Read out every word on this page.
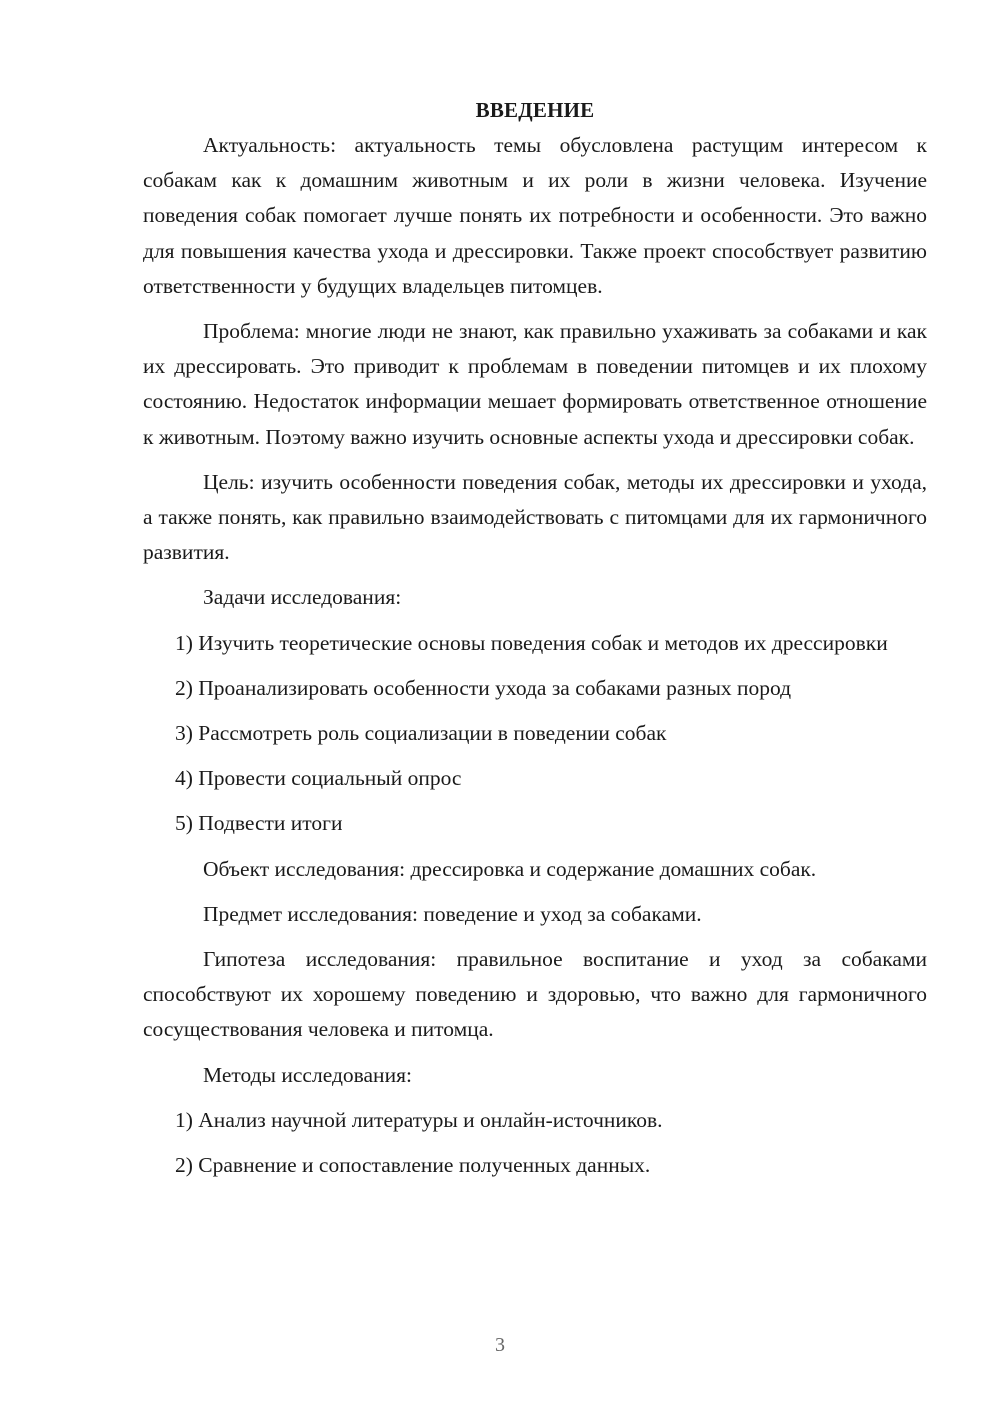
ВВЕДЕНИЕ

Актуальность: актуальность темы обусловлена растущим интересом к собакам как к домашним животным и их роли в жизни человека. Изучение поведения собак помогает лучше понять их потребности и особенности. Это важно для повышения качества ухода и дрессировки. Также проект способствует развитию ответственности у будущих владельцев питомцев.

Проблема: многие люди не знают, как правильно ухаживать за собаками и как их дрессировать. Это приводит к проблемам в поведении питомцев и их плохому состоянию. Недостаток информации мешает формировать ответственное отношение к животным. Поэтому важно изучить основные аспекты ухода и дрессировки собак.

Цель: изучить особенности поведения собак, методы их дрессировки и ухода, а также понять, как правильно взаимодействовать с питомцами для их гармоничного развития.

Задачи исследования:

1) Изучить теоретические основы поведения собак и методов их дрессировки

2) Проанализировать особенности ухода за собаками разных пород

3) Рассмотреть роль социализации в поведении собак

4) Провести социальный опрос

5) Подвести итоги

Объект исследования: дрессировка и содержание домашних собак.

Предмет исследования: поведение и уход за собаками.

Гипотеза исследования: правильное воспитание и уход за собаками способствуют их хорошему поведению и здоровью, что важно для гармоничного сосуществования человека и питомца.

Методы исследования:

1) Анализ научной литературы и онлайн-источников.

2) Сравнение и сопоставление полученных данных.

3
